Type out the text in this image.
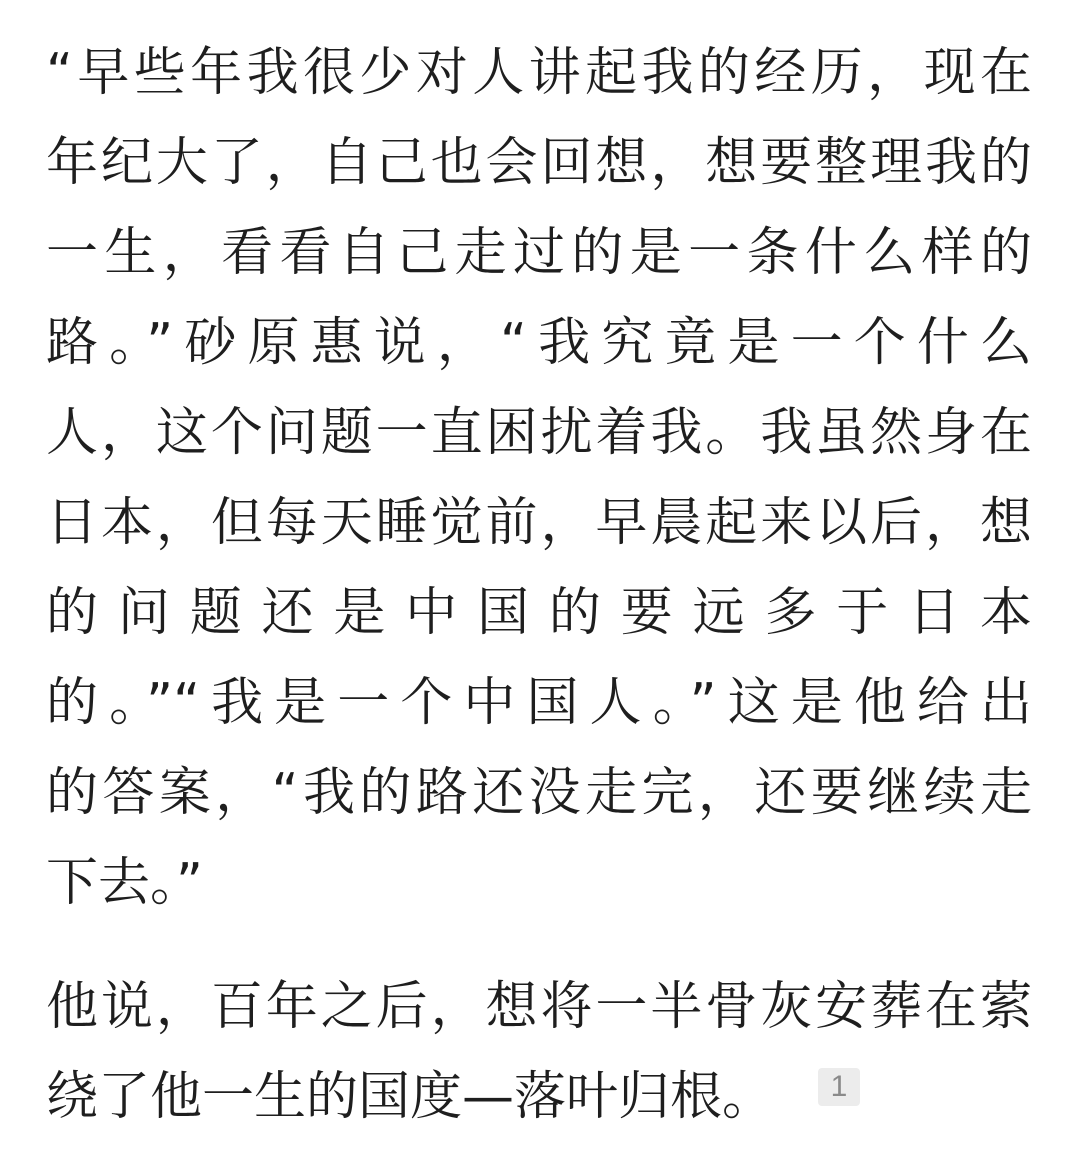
“早些年我很少对人讲起我的经历，现在
年纪大了，自己也会回想，想要整理我的
一生，看看自己走过的是一条什么样的
路。”砂原惠说，“我究竟是一个什么
人，这个问题一直困扰着我。我虽然身在
日本，但每天睡觉前，早晨起来以后，想
的问题还是中国的要远多于日本
的。”“我是一个中国人。”这是他给出
的答案，“我的路还没走完，还要继续走
下去。”
他说，百年之后，想将一半骨灰安葬在萦
绕了他一生的国度—落叶归根。	1
